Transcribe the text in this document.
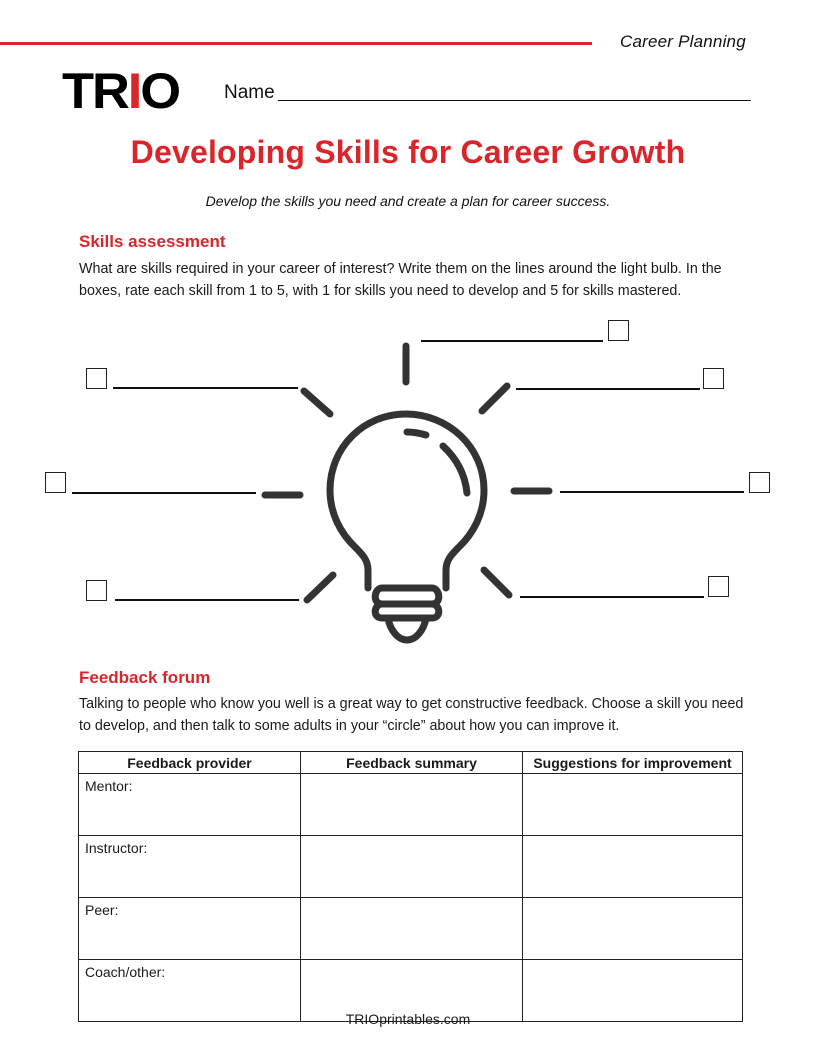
Career Planning
TRIO Name
Developing Skills for Career Growth
Develop the skills you need and create a plan for career success.
Skills assessment
What are skills required in your career of interest? Write them on the lines around the light bulb. In the boxes, rate each skill from 1 to 5, with 1 for skills you need to develop and 5 for skills mastered.
Feedback forum
Talking to people who know you well is a great way to get constructive feedback. Choose a skill you need to develop, and then talk to some adults in your “circle” about how you can improve it.
Feedback provider	Feedback summary	Suggestions for improvement
Mentor:		
Instructor:		
Peer:		
Coach/other:		
TRIOprintables.com
